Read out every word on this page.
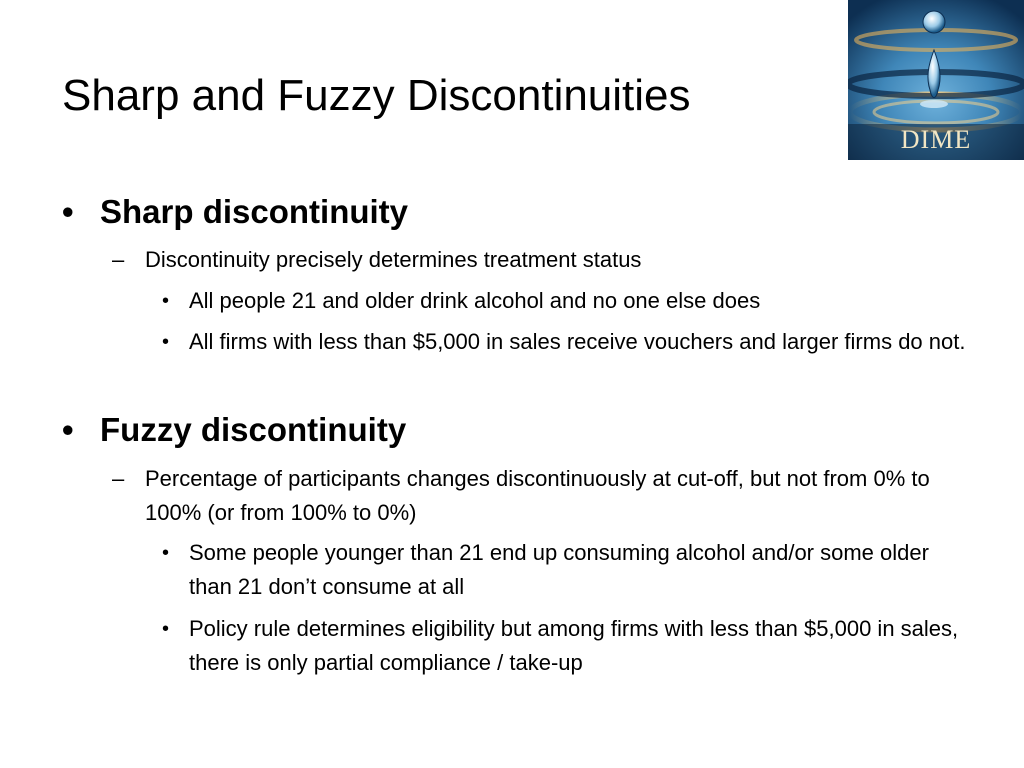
Sharp and Fuzzy Discontinuities
DIME
• Sharp discontinuity
– Discontinuity precisely determines treatment status
• All people 21 and older drink alcohol and no one else does
• All firms with less than $5,000 in sales receive vouchers and larger firms do not.
• Fuzzy discontinuity
– Percentage of participants changes discontinuously at cut-off, but not from 0% to 100% (or from 100% to 0%)
• Some people younger than 21 end up consuming alcohol and/or some older than 21 don’t consume at all
• Policy rule determines eligibility but among firms with less than $5,000 in sales, there is only partial compliance / take-up
